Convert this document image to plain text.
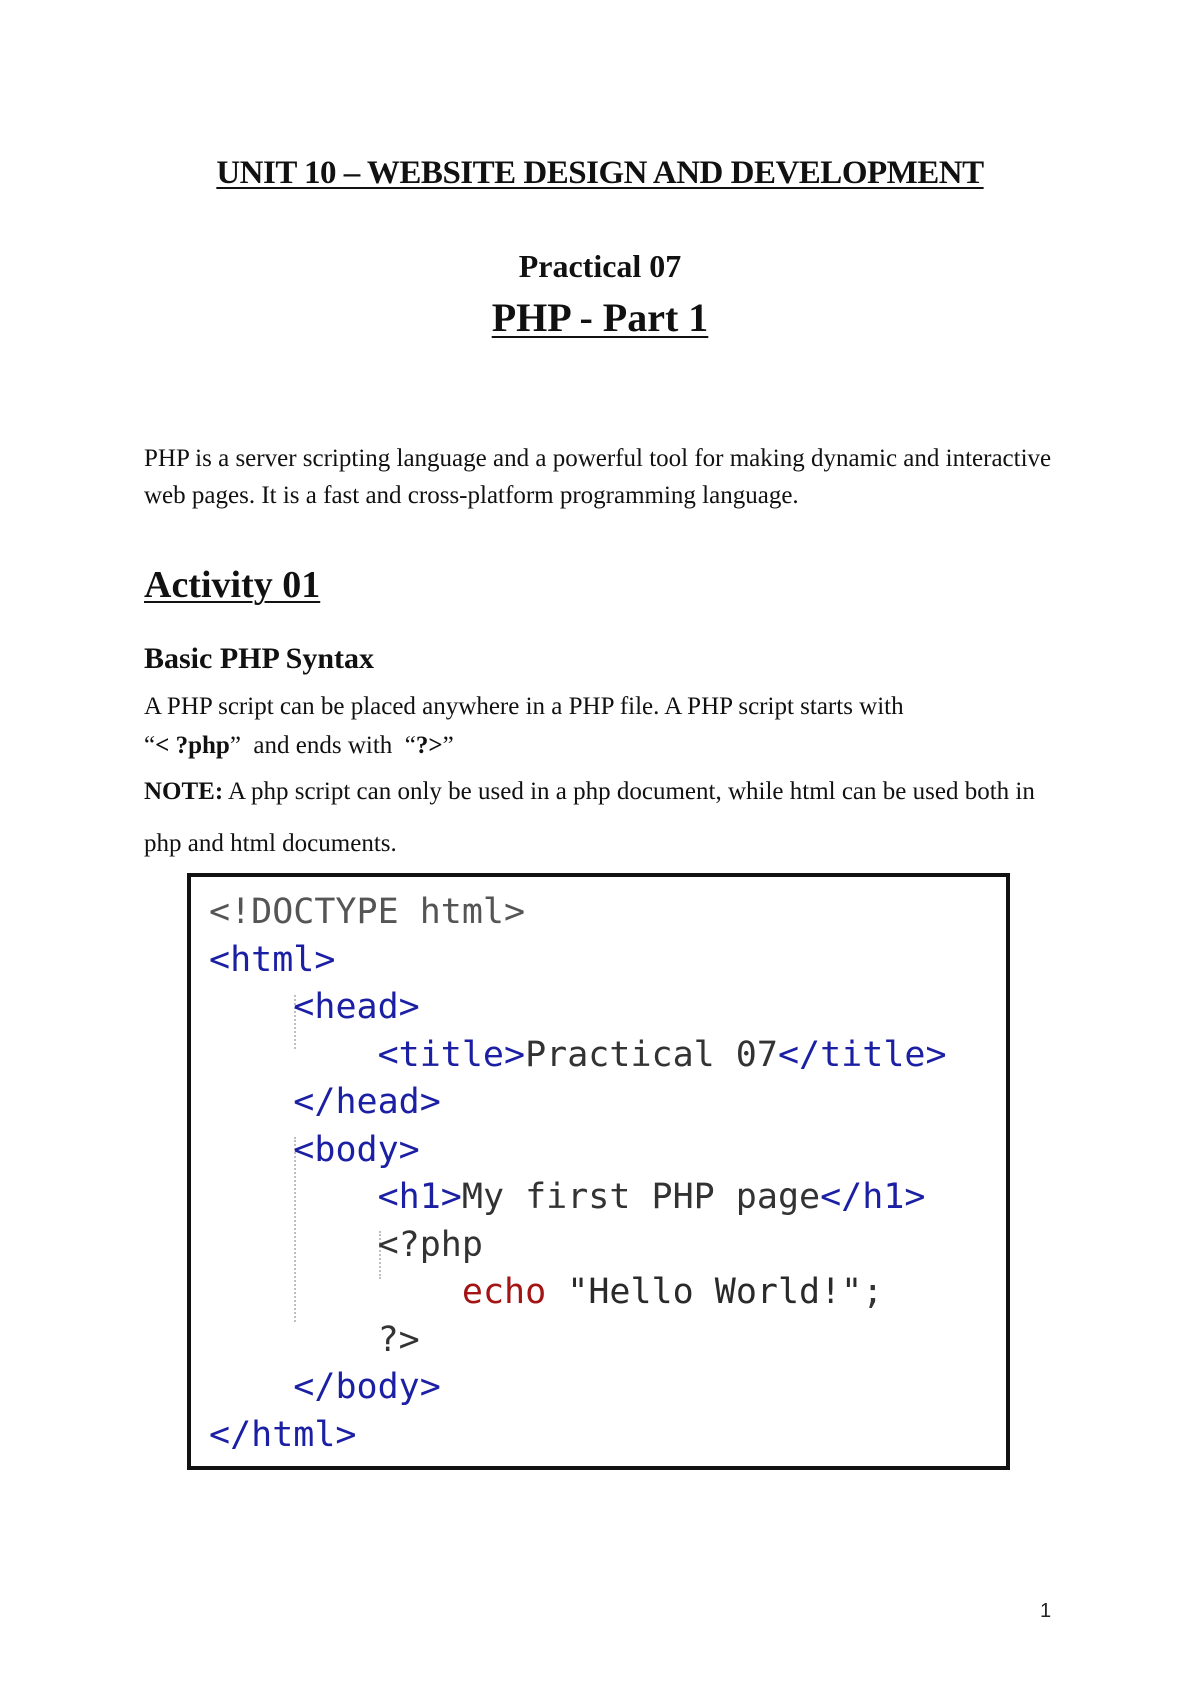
UNIT 10 – WEBSITE DESIGN AND DEVELOPMENT
Practical 07
PHP - Part 1

PHP is a server scripting language and a powerful tool for making dynamic and interactive web pages. It is a fast and cross-platform programming language.

Activity 01
Basic PHP Syntax

A PHP script can be placed anywhere in a PHP file. A PHP script starts with
“< ?php”  and ends with  “?>”

NOTE: A php script can only be used in a php document, while html can be used both in php and html documents.

<!DOCTYPE html>
<html>
<head>
<title>Practical 07</title>
</head>
<body>
<h1>My first PHP page</h1>
<?php
echo "Hello World!";
?>
</body>
</html>
1
